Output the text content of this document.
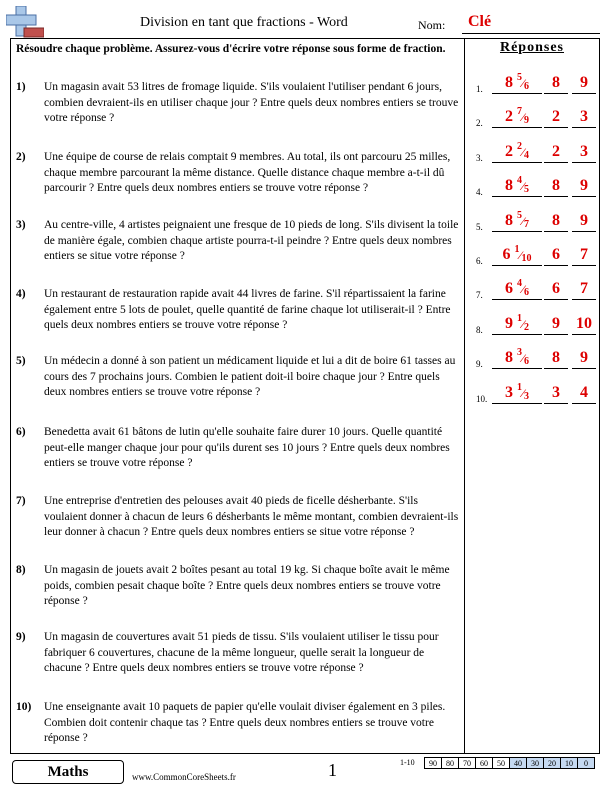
Division en tant que fractions - Word	Nom: Clé
Résoudre chaque problème. Assurez-vous d'écrire votre réponse sous forme de fraction.
1)	Un magasin avait 53 litres de fromage liquide. S'ils voulaient l'utiliser pendant 6 jours, combien devraient-ils en utiliser chaque jour ? Entre quels deux nombres entiers se trouve votre réponse ?
2)	Une équipe de course de relais comptait 9 membres. Au total, ils ont parcouru 25 milles, chaque membre parcourant la même distance. Quelle distance chaque membre a-t-il dû parcourir ? Entre quels deux nombres entiers se trouve votre réponse ?
3)	Au centre-ville, 4 artistes peignaient une fresque de 10 pieds de long. S'ils divisent la toile de manière égale, combien chaque artiste pourra-t-il peindre ? Entre quels deux nombres entiers se situe votre réponse ?
4)	Un restaurant de restauration rapide avait 44 livres de farine. S'il répartissaient la farine également entre 5 lots de poulet, quelle quantité de farine chaque lot utiliserait-il ? Entre quels deux nombres entiers se trouve votre réponse ?
5)	Un médecin a donné à son patient un médicament liquide et lui a dit de boire 61 tasses au cours des 7 prochains jours. Combien le patient doit-il boire chaque jour ? Entre quels deux nombres entiers se trouve votre réponse ?
6)	Benedetta avait 61 bâtons de lutin qu'elle souhaite faire durer 10 jours. Quelle quantité peut-elle manger chaque jour pour qu'ils durent ses 10 jours ? Entre quels deux nombres entiers se trouve votre réponse ?
7)	Une entreprise d'entretien des pelouses avait 40 pieds de ficelle désherbante. S'ils voulaient donner à chacun de leurs 6 désherbants le même montant, combien devraient-ils leur donner à chacun ? Entre quels deux nombres entiers se situe votre réponse ?
8)	Un magasin de jouets avait 2 boîtes pesant au total 19 kg. Si chaque boîte avait le même poids, combien pesait chaque boîte ? Entre quels deux nombres entiers se trouve votre réponse ?
9)	Un magasin de couvertures avait 51 pieds de tissu. S'ils voulaient utiliser le tissu pour fabriquer 6 couvertures, chacune de la même longueur, quelle serait la longueur de chacune ? Entre quels deux nombres entiers se trouve votre réponse ?
10)	Une enseignante avait 10 paquets de papier qu'elle voulait diviser également en 3 piles. Combien doit contenir chaque tas ? Entre quels deux nombres entiers se trouve votre réponse ?
Réponses
1.	8 $^5⁄_6$	8	9
2.	2 $^7⁄_9$	2	3
3.	2 $^2⁄_4$	2	3
4.	8 $^4⁄_5$	8	9
5.	8 $^5⁄_7$	8	9
6.	6 $^1⁄_{10}$	6	7
7.	6 $^4⁄_6$	6	7
8.	9 $^1⁄_2$	9	10
9.	8 $^3⁄_6$	8	9
10.	3 $^1⁄_3$	3	4
Maths	www.CommonCoreSheets.fr	1	1-10 90	80	70	60	50	40	30	20	10	0
